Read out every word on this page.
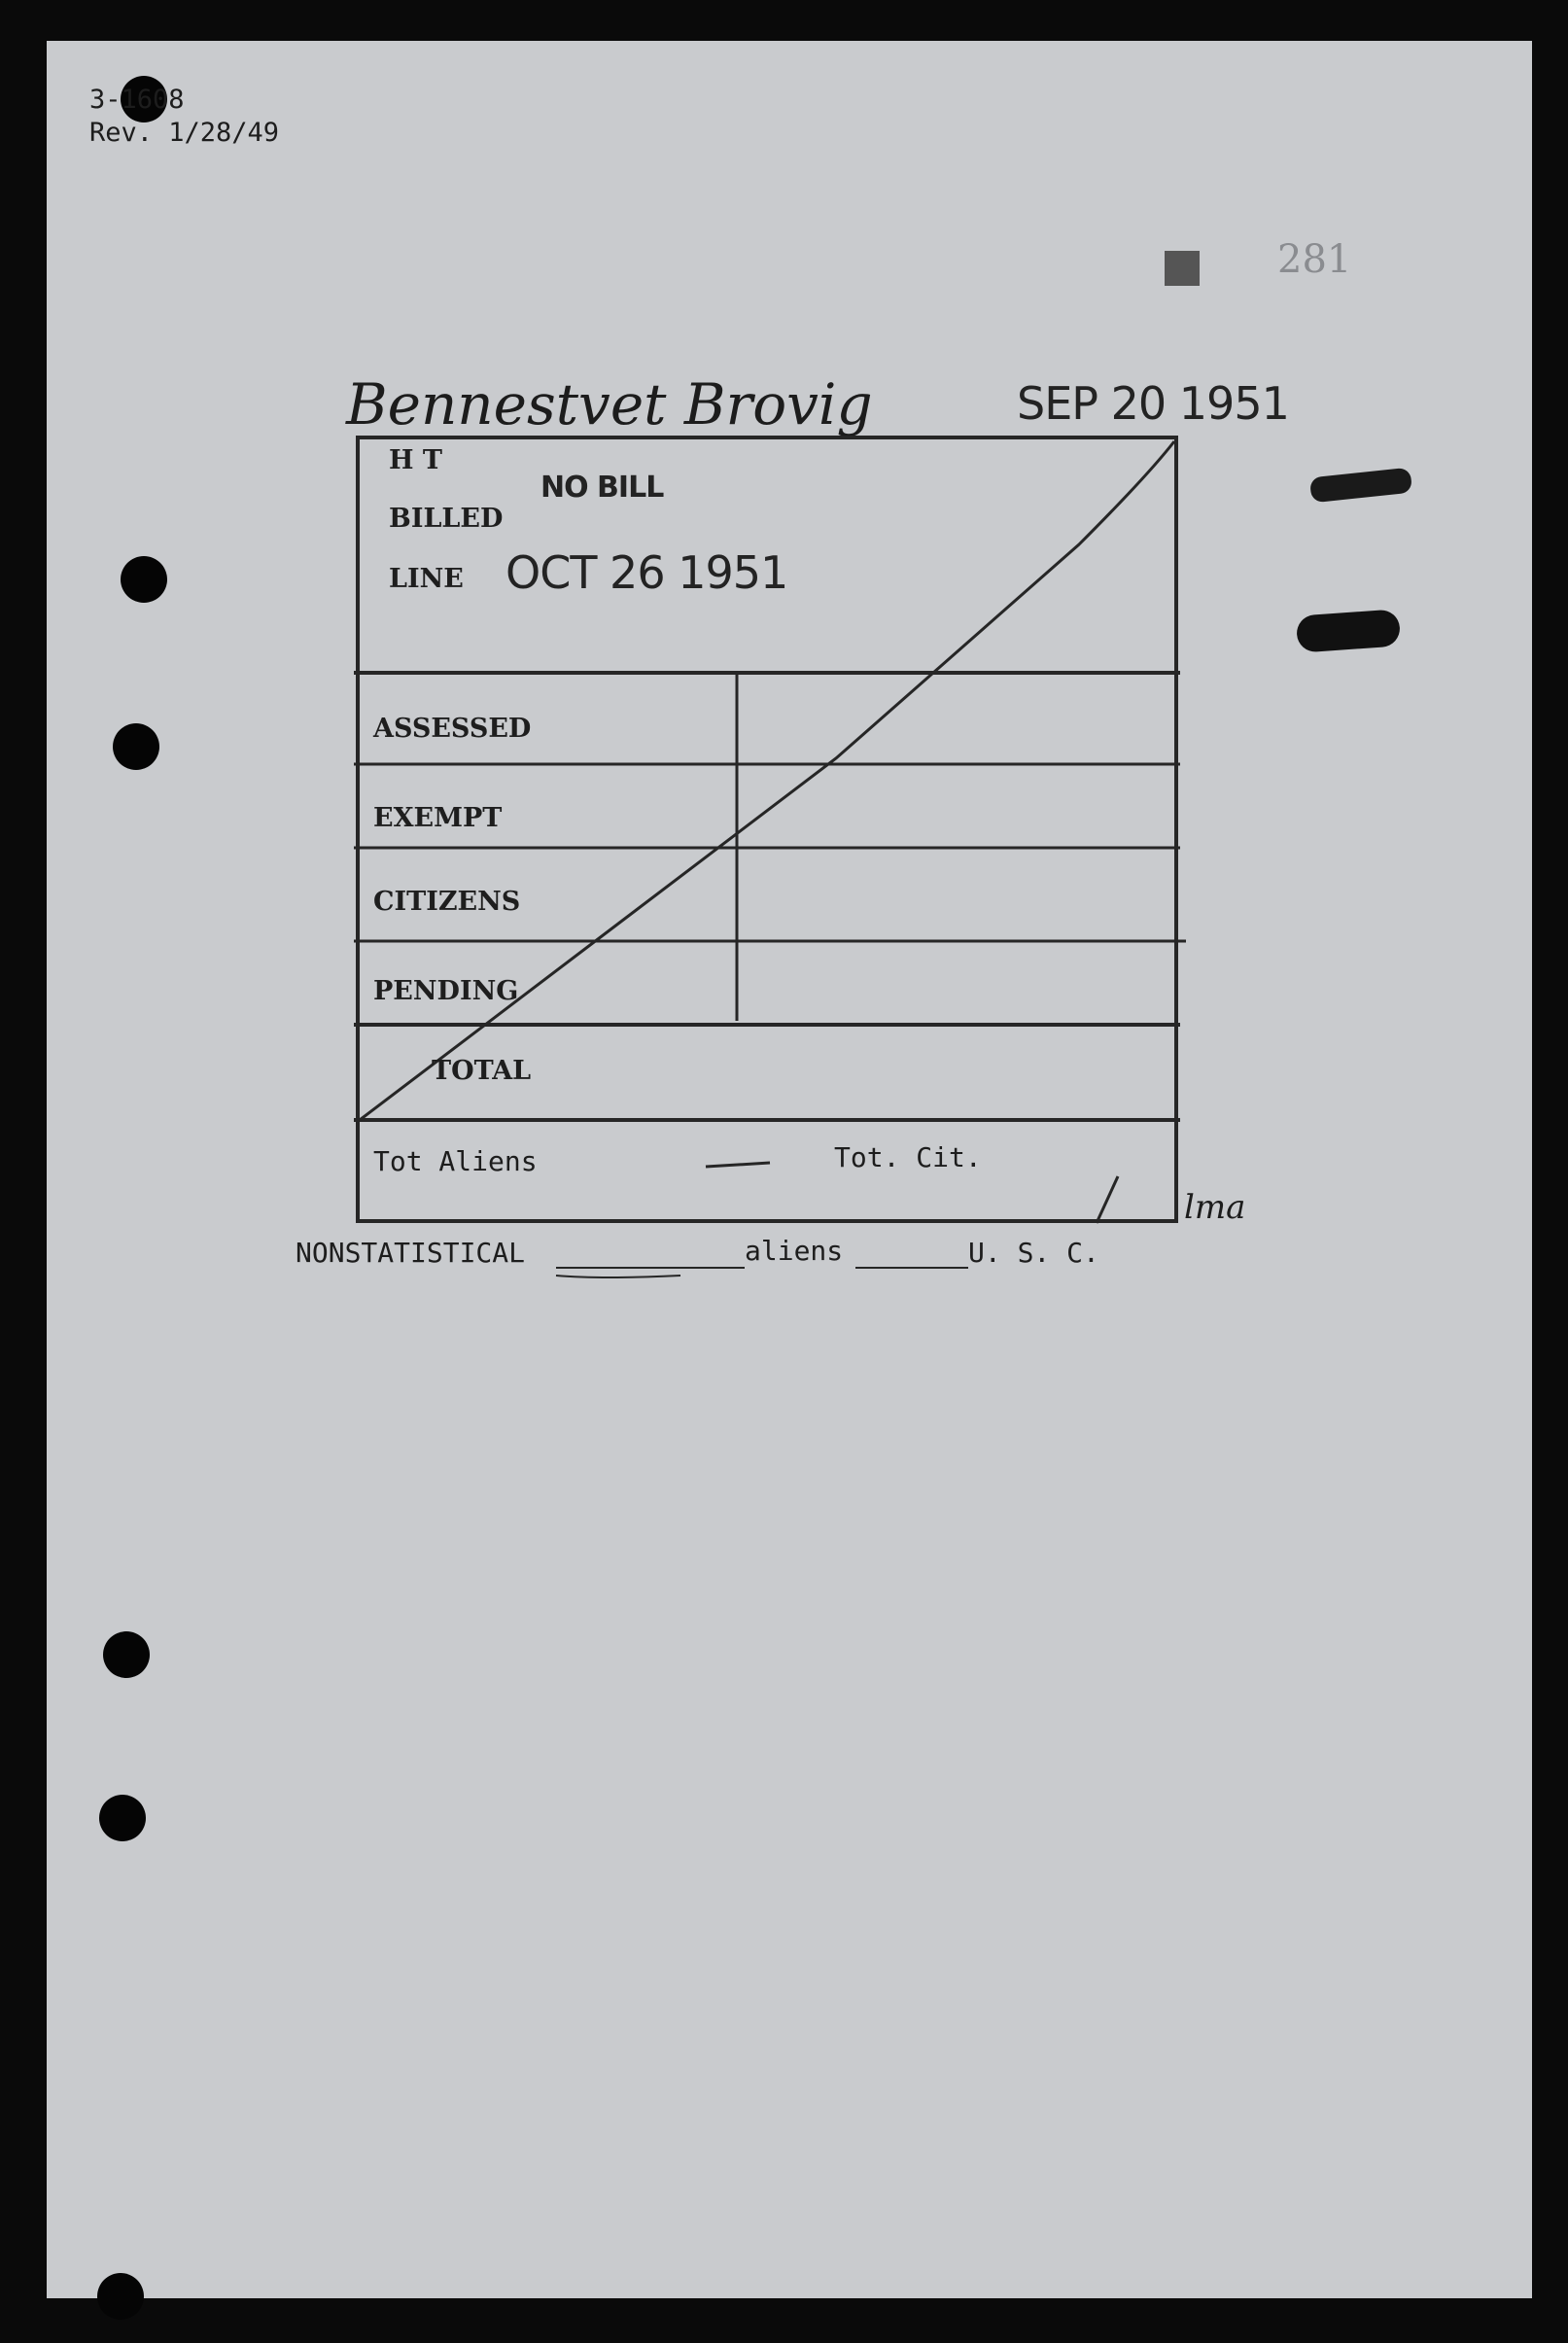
3-1608
Rev. 1/28/49
281
Bennestvet Brovig	SEP 20 1951
H T
NO BILL
BILLED
LINE OCT 26 1951
ASSESSED
EXEMPT
CITIZENS
PENDING
TOTAL
Tot Aliens	Tot. Cit.
lma
NONSTATISTICAL	aliens	U. S. C.
